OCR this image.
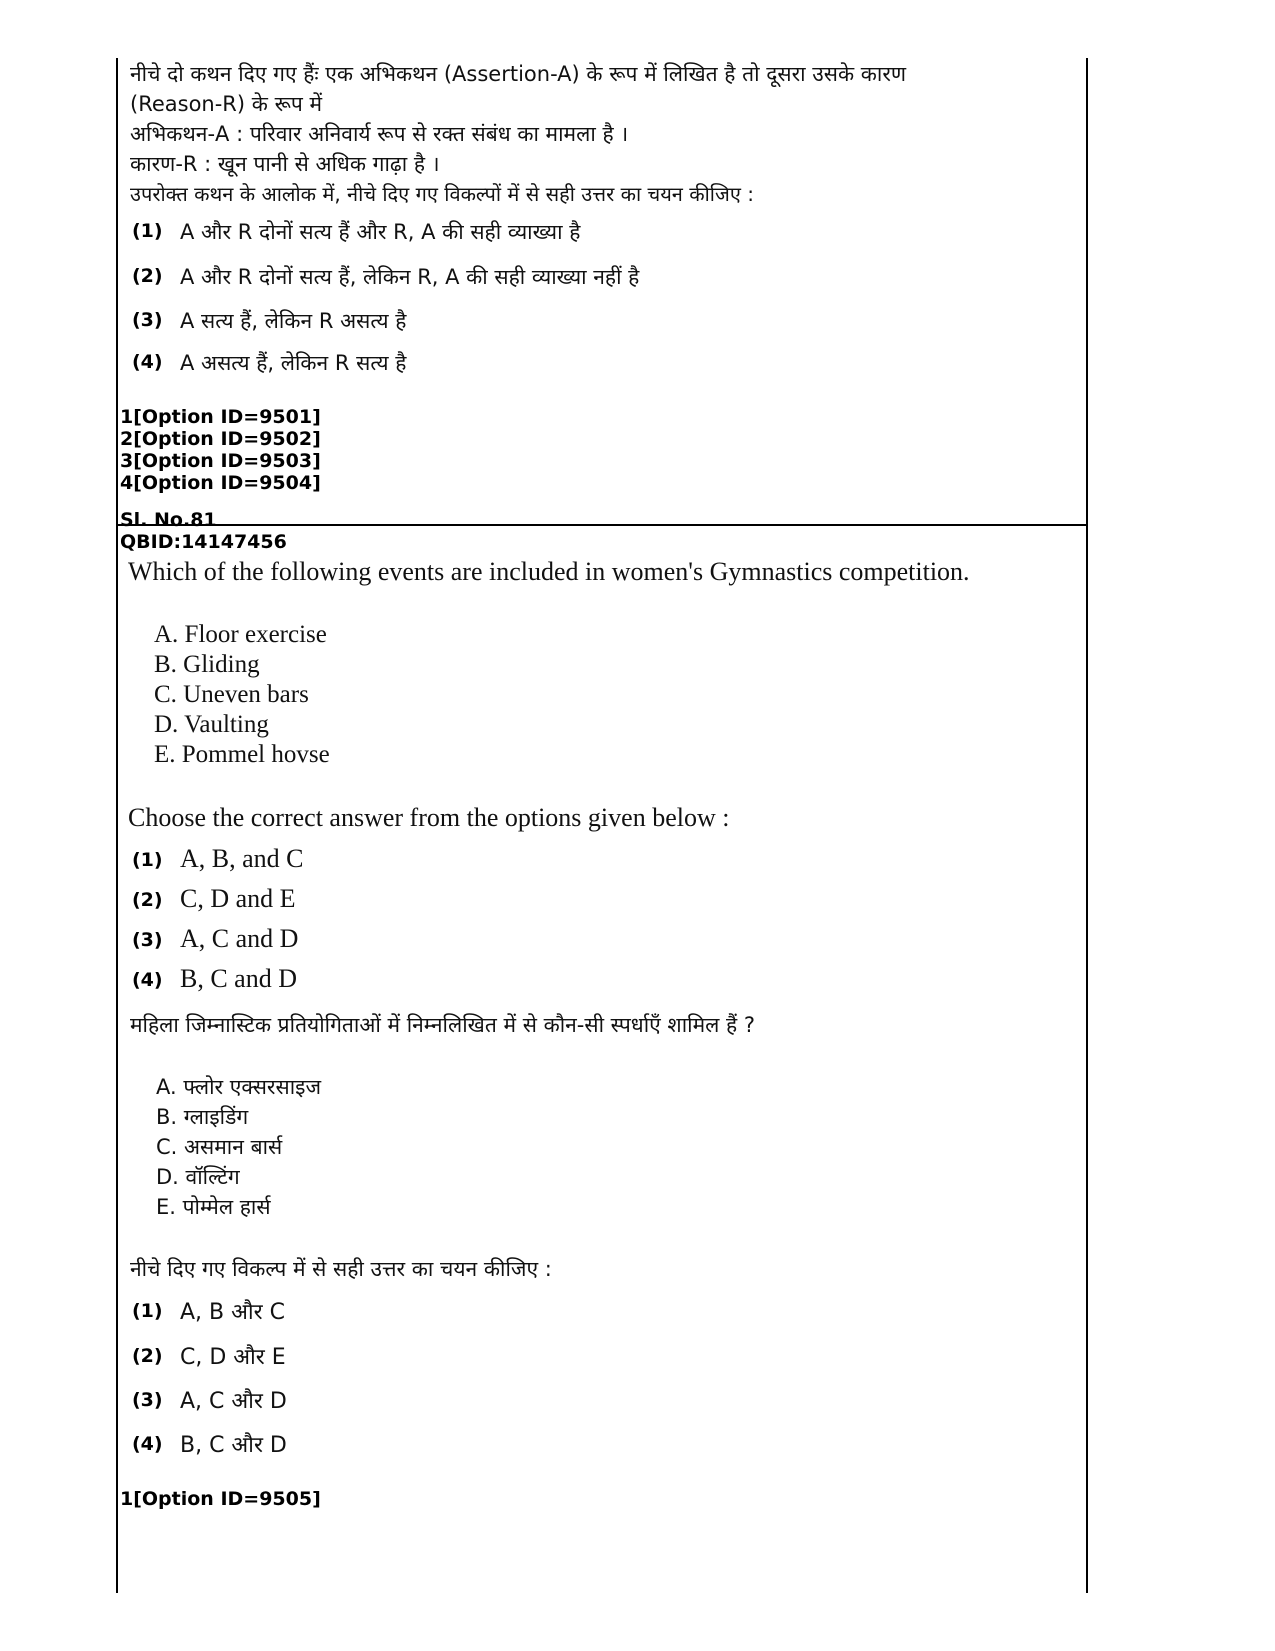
नीचे दो कथन दिए गए हैंः एक अभिकथन (Assertion-A) के रूप में लिखित है तो दूसरा उसके कारण
(Reason-R) के रूप में
अभिकथन-A : परिवार अनिवार्य रूप से रक्त संबंध का मामला है ।
कारण-R : खून पानी से अधिक गाढ़ा है ।
उपरोक्त कथन के आलोक में, नीचे दिए गए विकल्पों में से सही उत्तर का चयन कीजिए :
(1) A और R दोनों सत्य हैं और R, A की सही व्याख्या है
(2) A और R दोनों सत्य हैं, लेकिन R, A की सही व्याख्या नहीं है
(3) A सत्य हैं, लेकिन R असत्य है
(4) A असत्य हैं, लेकिन R सत्य है
1[Option ID=9501]
2[Option ID=9502]
3[Option ID=9503]
4[Option ID=9504]
Sl. No.81
QBID:14147456
Which of the following events are included in women's Gymnastics competition.
A. Floor exercise
B. Gliding
C. Uneven bars
D. Vaulting
E. Pommel hovse
Choose the correct answer from the options given below :
(1) A, B, and C
(2) C, D and E
(3) A, C and D
(4) B, C and D
महिला जिम्नास्टिक प्रतियोगिताओं में निम्नलिखित में से कौन-सी स्पर्धाएँ शामिल हैं ?
A. फ्लोर एक्सरसाइज
B. ग्लाइडिंग
C. असमान बार्स
D. वॉल्टिंग
E. पोम्मेल हार्स
नीचे दिए गए विकल्प में से सही उत्तर का चयन कीजिए :
(1) A, B और C
(2) C, D और E
(3) A, C और D
(4) B, C और D
1[Option ID=9505]
